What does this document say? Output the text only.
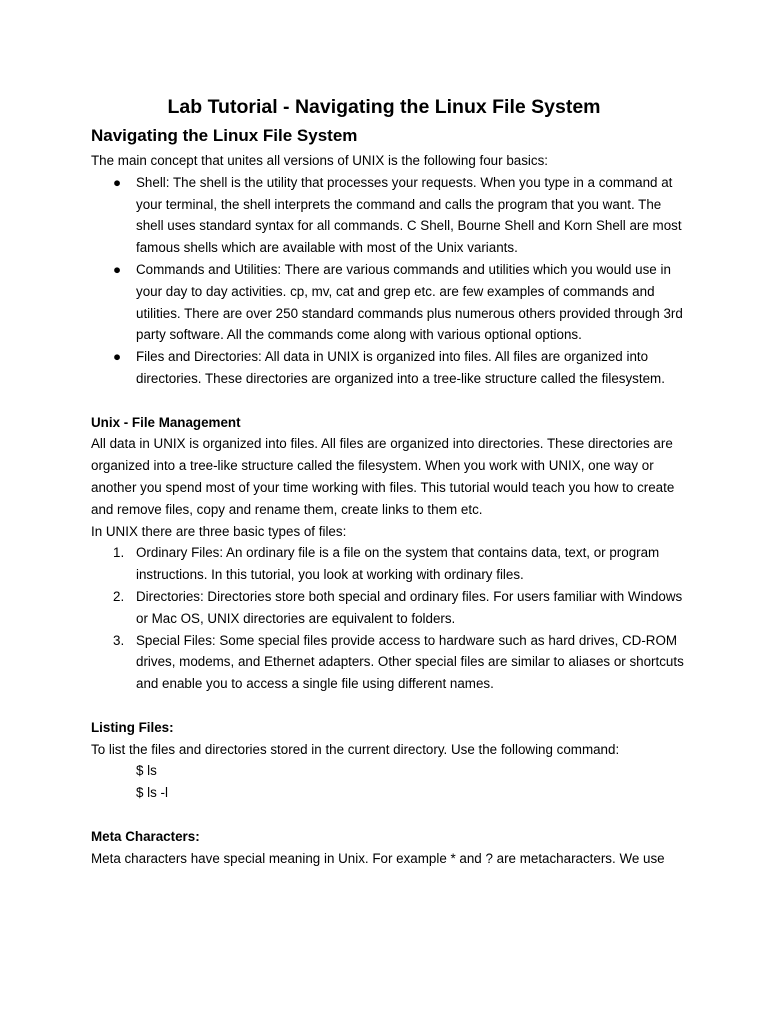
Lab Tutorial - Navigating the Linux File System
Navigating the Linux File System

The main concept that unites all versions of UNIX is the following four basics:

● Shell: The shell is the utility that processes your requests. When you type in a command at your terminal, the shell interprets the command and calls the program that you want. The shell uses standard syntax for all commands. C Shell, Bourne Shell and Korn Shell are most famous shells which are available with most of the Unix variants.
● Commands and Utilities: There are various commands and utilities which you would use in your day to day activities. cp, mv, cat and grep etc. are few examples of commands and utilities. There are over 250 standard commands plus numerous others provided through 3rd party software. All the commands come along with various optional options.
● Files and Directories: All data in UNIX is organized into files. All files are organized into directories. These directories are organized into a tree-like structure called the filesystem.

Unix - File Management

All data in UNIX is organized into files. All files are organized into directories. These directories are organized into a tree-like structure called the filesystem. When you work with UNIX, one way or another you spend most of your time working with files. This tutorial would teach you how to create and remove files, copy and rename them, create links to them etc.

In UNIX there are three basic types of files:

1. Ordinary Files: An ordinary file is a file on the system that contains data, text, or program instructions. In this tutorial, you look at working with ordinary files.
2. Directories: Directories store both special and ordinary files. For users familiar with Windows or Mac OS, UNIX directories are equivalent to folders.
3. Special Files: Some special files provide access to hardware such as hard drives, CD-ROM drives, modems, and Ethernet adapters. Other special files are similar to aliases or shortcuts and enable you to access a single file using different names.

Listing Files:

To list the files and directories stored in the current directory. Use the following command:

$ ls

$ ls -l

Meta Characters:

Meta characters have special meaning in Unix. For example * and ? are metacharacters. We use
